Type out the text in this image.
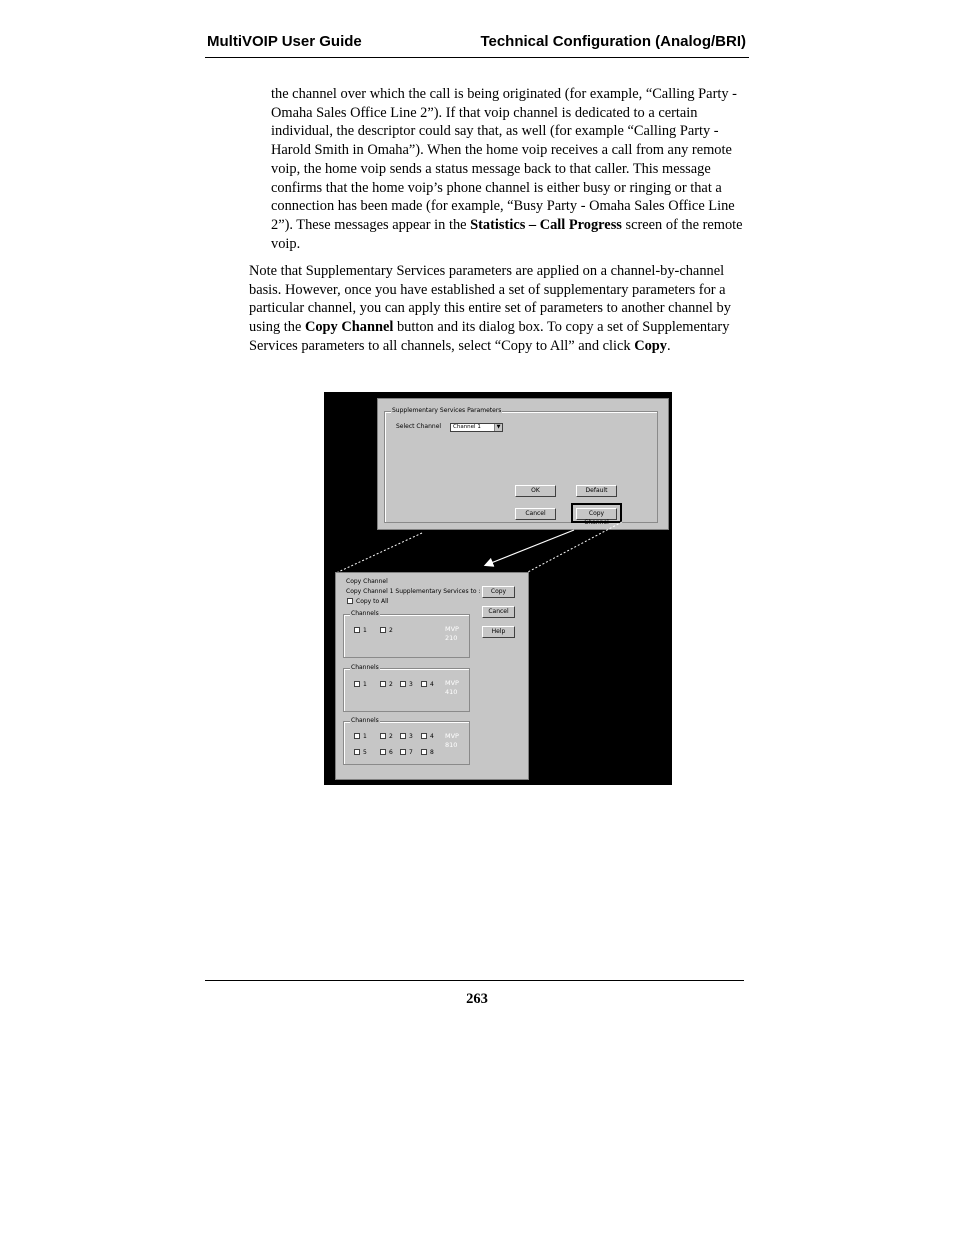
MultiVOIP User Guide	Technical Configuration (Analog/BRI)

the channel over which the call is being originated (for example, “Calling Party - Omaha Sales Office Line 2”). If that voip channel is dedicated to a certain individual, the descriptor could say that, as well (for example “Calling Party - Harold Smith in Omaha”). When the home voip receives a call from any remote voip, the home voip sends a status message back to that caller. This message confirms that the home voip’s phone channel is either busy or ringing or that a connection has been made (for example, “Busy Party - Omaha Sales Office Line 2”). These messages appear in the Statistics – Call Progress screen of the remote voip.

Note that Supplementary Services parameters are applied on a channel-by-channel basis. However, once you have established a set of supplementary parameters for a particular channel, you can apply this entire set of parameters to another channel by using the Copy Channel button and its dialog box. To copy a set of Supplementary Services parameters to all channels, select “Copy to All” and click Copy.

Supplementary Services Parameters
Select Channel	Channel 1	▼
OK	Default
Cancel	Copy Channel
Copy Channel
Copy Channel 1 Supplementary Services to :
Copy to All
Copy
Cancel
Help
Channels
1	2	MVP
210
Channels
1	2	3	4 MVP
410
Channels
1	2	3	4
5	6	7	8
MVP
810
263
